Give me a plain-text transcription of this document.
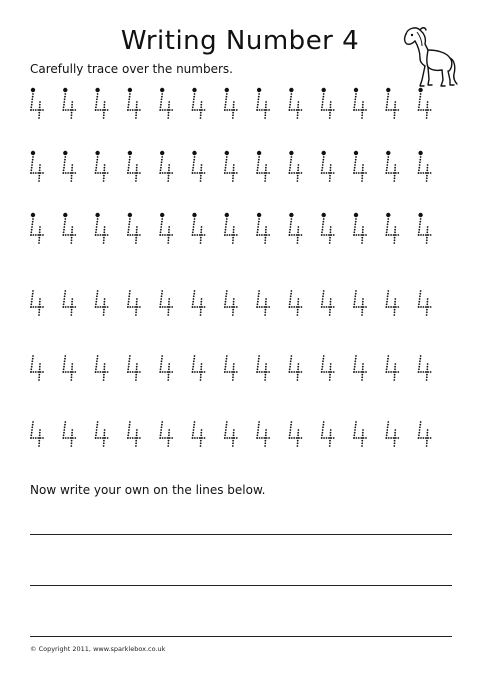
Writing Number 4
Carefully trace over the numbers.
Now write your own on the lines below.
© Copyright 2011, www.sparklebox.co.uk
